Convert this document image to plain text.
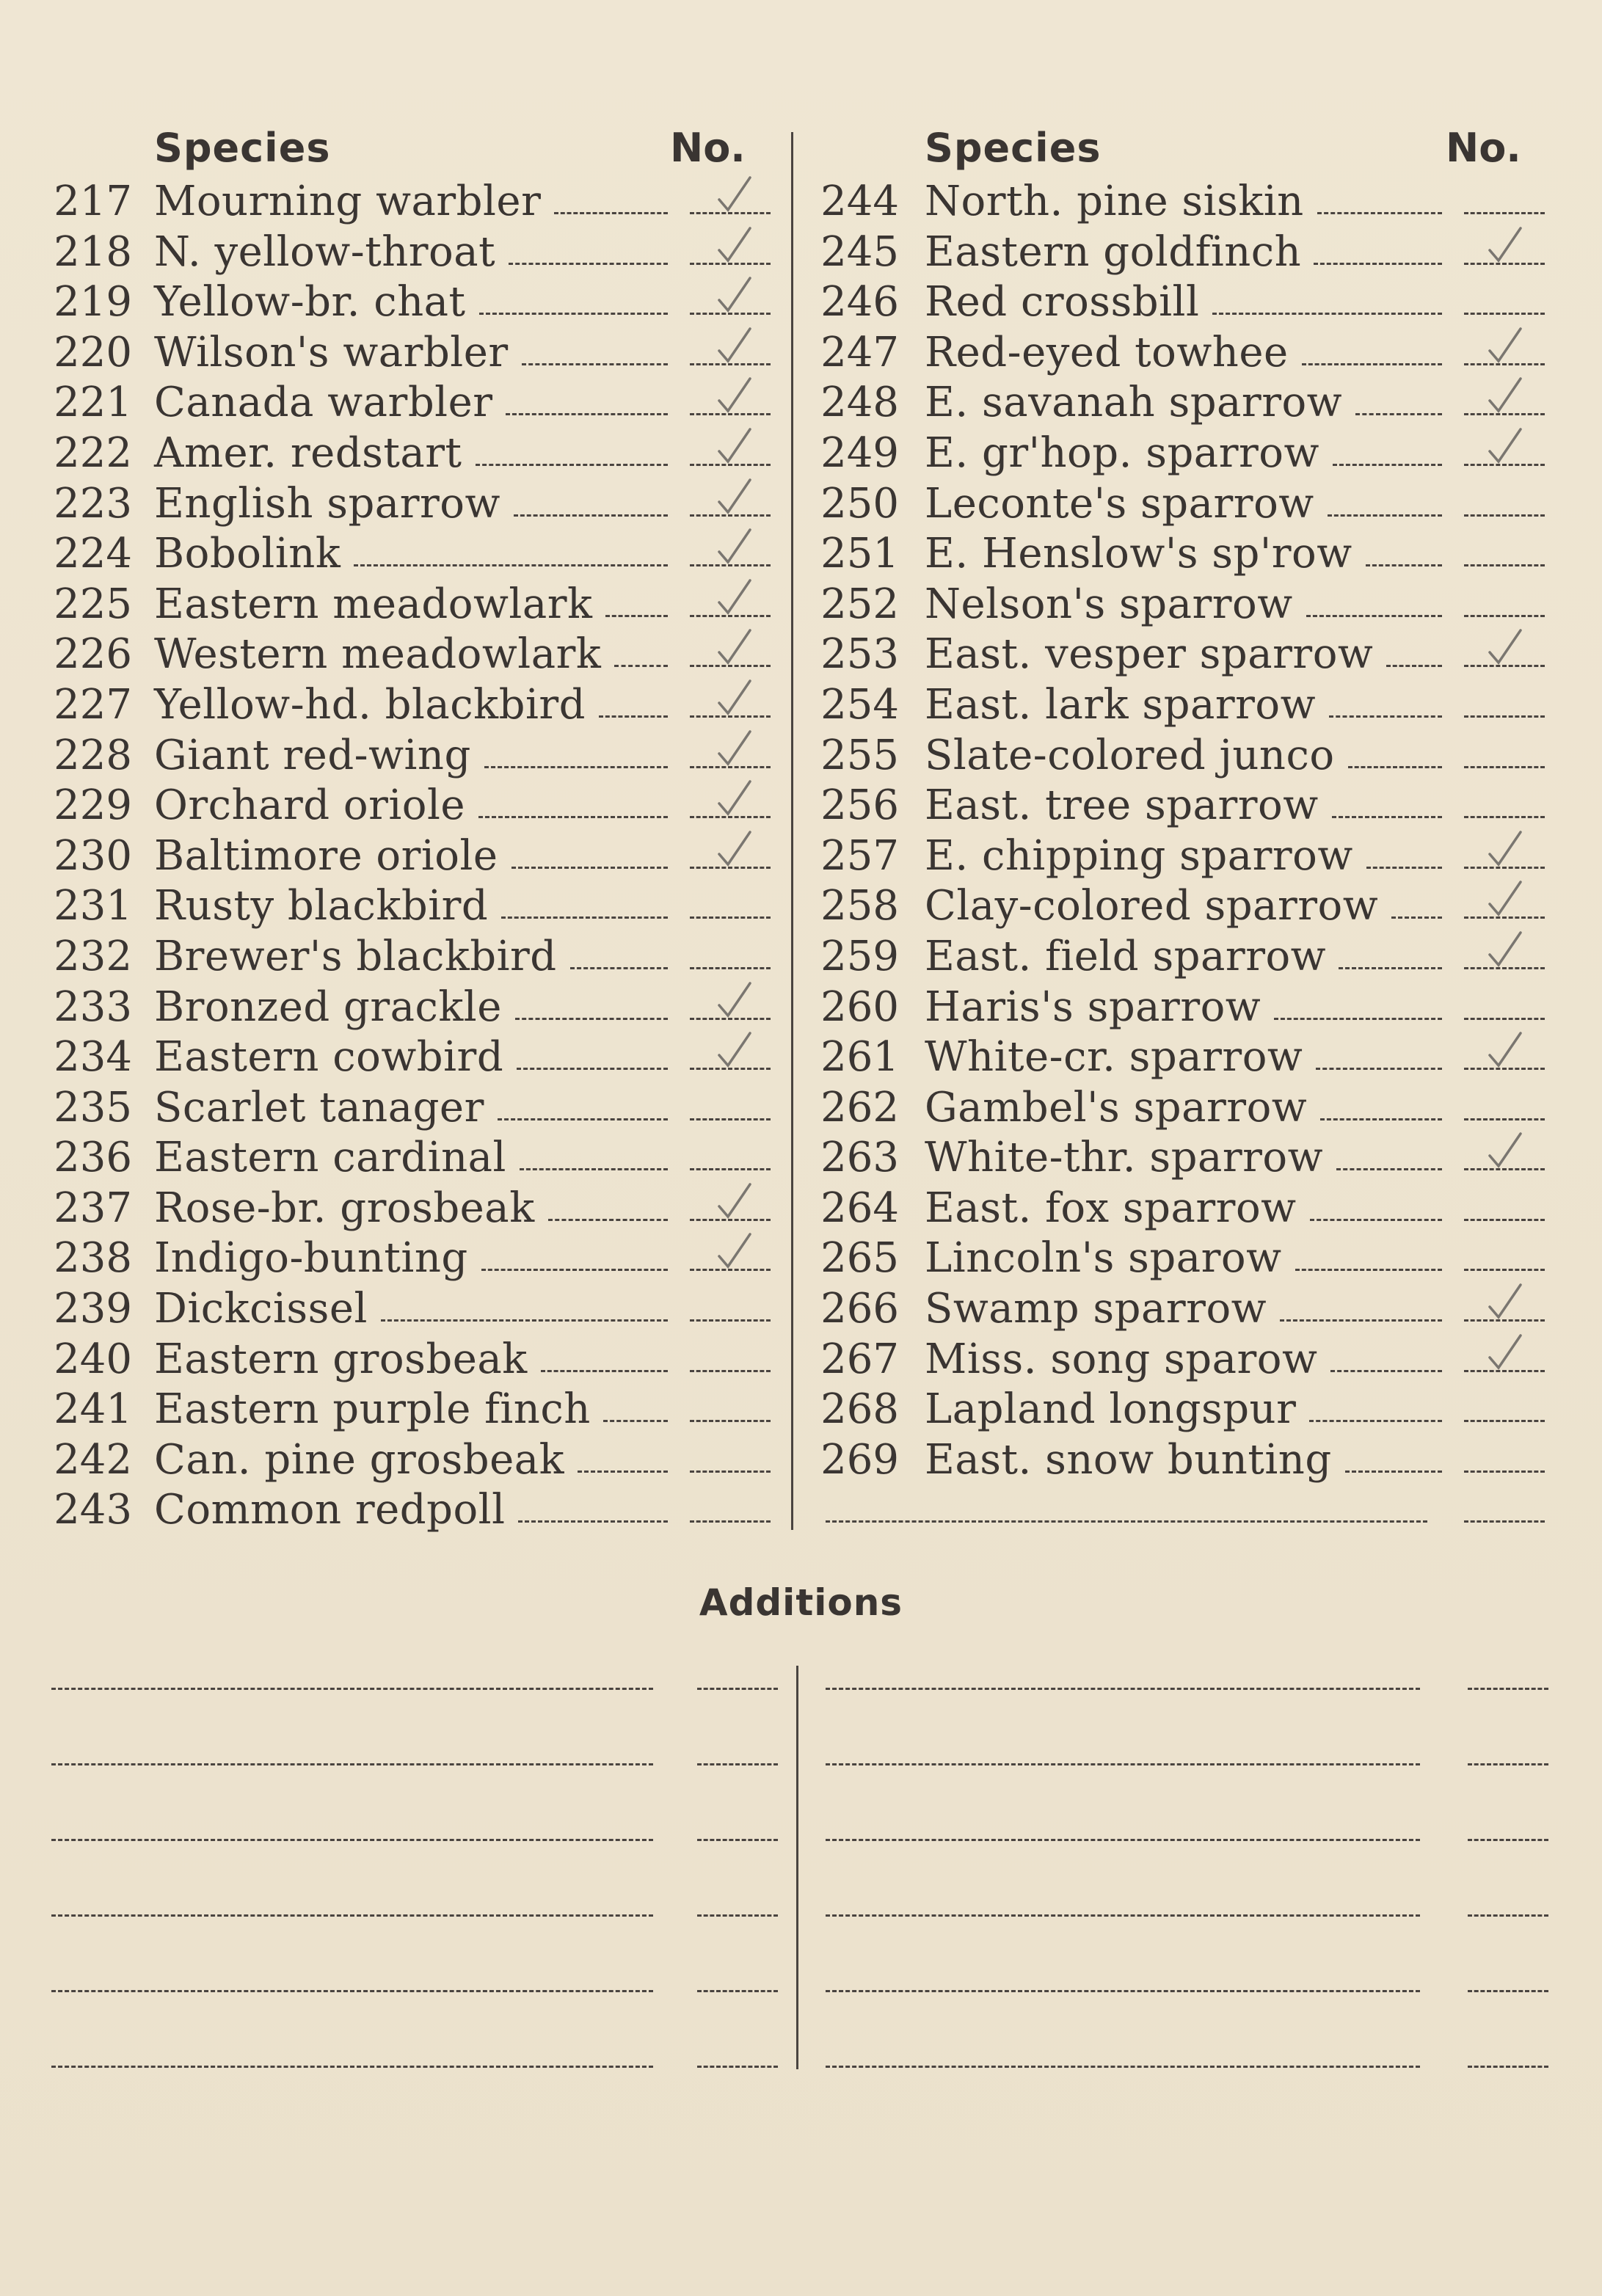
Species	No.
217 Mourning warbler
218 N. yellow-throat
219 Yellow-br. chat
220 Wilson's warbler
221 Canada warbler
222 Amer. redstart
223 English sparrow
224 Bobolink
225 Eastern meadowlark
226 Western meadowlark
227 Yellow-hd. blackbird
228 Giant red-wing
229 Orchard oriole
230 Baltimore oriole
231 Rusty blackbird
232 Brewer's blackbird
233 Bronzed grackle
234 Eastern cowbird
235 Scarlet tanager
236 Eastern cardinal
237 Rose-br. grosbeak
238 Indigo-bunting
239 Dickcissel
240 Eastern grosbeak
241 Eastern purple finch
242 Can. pine grosbeak
243 Common redpoll
Species	No.
244 North. pine siskin
245 Eastern goldfinch
246 Red crossbill
247 Red-eyed towhee
248 E. savanah sparrow
249 E. gr'hop. sparrow
250 Leconte's sparrow
251 E. Henslow's sp'row
252 Nelson's sparrow
253 East. vesper sparrow
254 East. lark sparrow
255 Slate-colored junco
256 East. tree sparrow
257 E. chipping sparrow
258 Clay-colored sparrow
259 East. field sparrow
260 Haris's sparrow
261 White-cr. sparrow
262 Gambel's sparrow
263 White-thr. sparrow
264 East. fox sparrow
265 Lincoln's sparow
266 Swamp sparrow
267 Miss. song sparow
268 Lapland longspur
269 East. snow bunting
Additions
